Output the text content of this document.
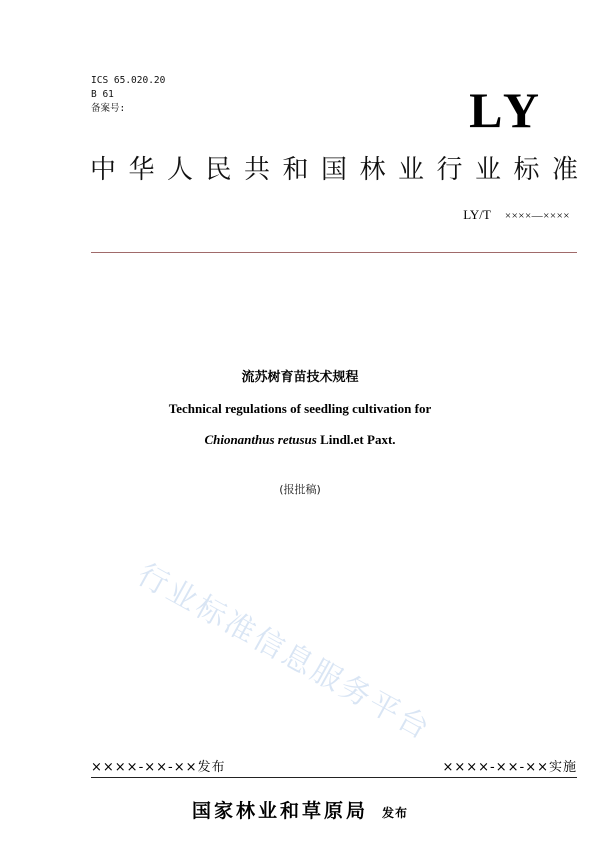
ICS 65.020.20
B 61
备案号:	LY
中华人民共和国林业行业标准
LY/T ××××—××××
流苏树育苗技术规程
Technical regulations of seedling cultivation for
Chionanthus retusus Lindl.et Paxt.
(报批稿)
行业标准信息服务平台
××××-××-××发布	××××-××-××实施
国家林业和草原局 发布
